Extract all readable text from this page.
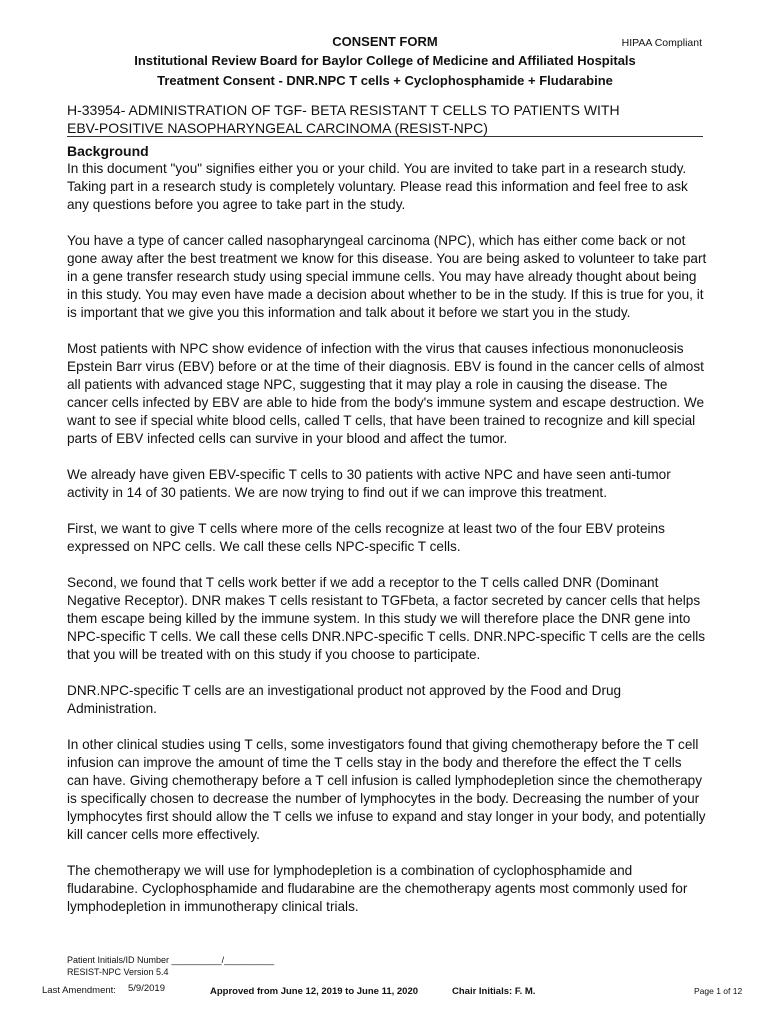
CONSENT FORM	HIPAA Compliant
Institutional Review Board for Baylor College of Medicine and Affiliated Hospitals
Treatment Consent - DNR.NPC T cells + Cyclophosphamide + Fludarabine
H-33954- ADMINISTRATION OF TGF- BETA RESISTANT T CELLS TO PATIENTS WITH
EBV-POSITIVE NASOPHARYNGEAL CARCINOMA (RESIST-NPC)
Background

In this document "you" signifies either you or your child. You are invited to take part in a research study. Taking part in a research study is completely voluntary. Please read this information and feel free to ask any questions before you agree to take part in the study.

You have a type of cancer called nasopharyngeal carcinoma (NPC), which has either come back or not gone away after the best treatment we know for this disease. You are being asked to volunteer to take part in a gene transfer research study using special immune cells. You may have already thought about being in this study. You may even have made a decision about whether to be in the study. If this is true for you, it is important that we give you this information and talk about it before we start you in the study.

Most patients with NPC show evidence of infection with the virus that causes infectious mononucleosis Epstein Barr virus (EBV) before or at the time of their diagnosis. EBV is found in the cancer cells of almost all patients with advanced stage NPC, suggesting that it may play a role in causing the disease. The cancer cells infected by EBV are able to hide from the body's immune system and escape destruction. We want to see if special white blood cells, called T cells, that have been trained to recognize and kill special parts of EBV infected cells can survive in your blood and affect the tumor.

We already have given EBV-specific T cells to 30 patients with active NPC and have seen anti-tumor activity in 14 of 30 patients. We are now trying to find out if we can improve this treatment.

First, we want to give T cells where more of the cells recognize at least two of the four EBV proteins expressed on NPC cells. We call these cells NPC-specific T cells.

Second, we found that T cells work better if we add a receptor to the T cells called DNR (Dominant Negative Receptor). DNR makes T cells resistant to TGFbeta, a factor secreted by cancer cells that helps them escape being killed by the immune system. In this study we will therefore place the DNR gene into NPC-specific T cells. We call these cells DNR.NPC-specific T cells. DNR.NPC-specific T cells are the cells that you will be treated with on this study if you choose to participate.

DNR.NPC-specific T cells are an investigational product not approved by the Food and Drug Administration.

In other clinical studies using T cells, some investigators found that giving chemotherapy before the T cell infusion can improve the amount of time the T cells stay in the body and therefore the effect the T cells can have. Giving chemotherapy before a T cell infusion is called lymphodepletion since the chemotherapy is specifically chosen to decrease the number of lymphocytes in the body. Decreasing the number of your lymphocytes first should allow the T cells we infuse to expand and stay longer in your body, and potentially kill cancer cells more effectively.

The chemotherapy we will use for lymphodepletion is a combination of cyclophosphamide and fludarabine. Cyclophosphamide and fludarabine are the chemotherapy agents most commonly used for lymphodepletion in immunotherapy clinical trials.

Patient Initials/ID Number __________/__________
RESIST-NPC Version 5.4
Last Amendment: 5/9/2019	Approved from June 12, 2019 to June 11, 2020	Chair Initials: F. M.	Page 1 of 12
